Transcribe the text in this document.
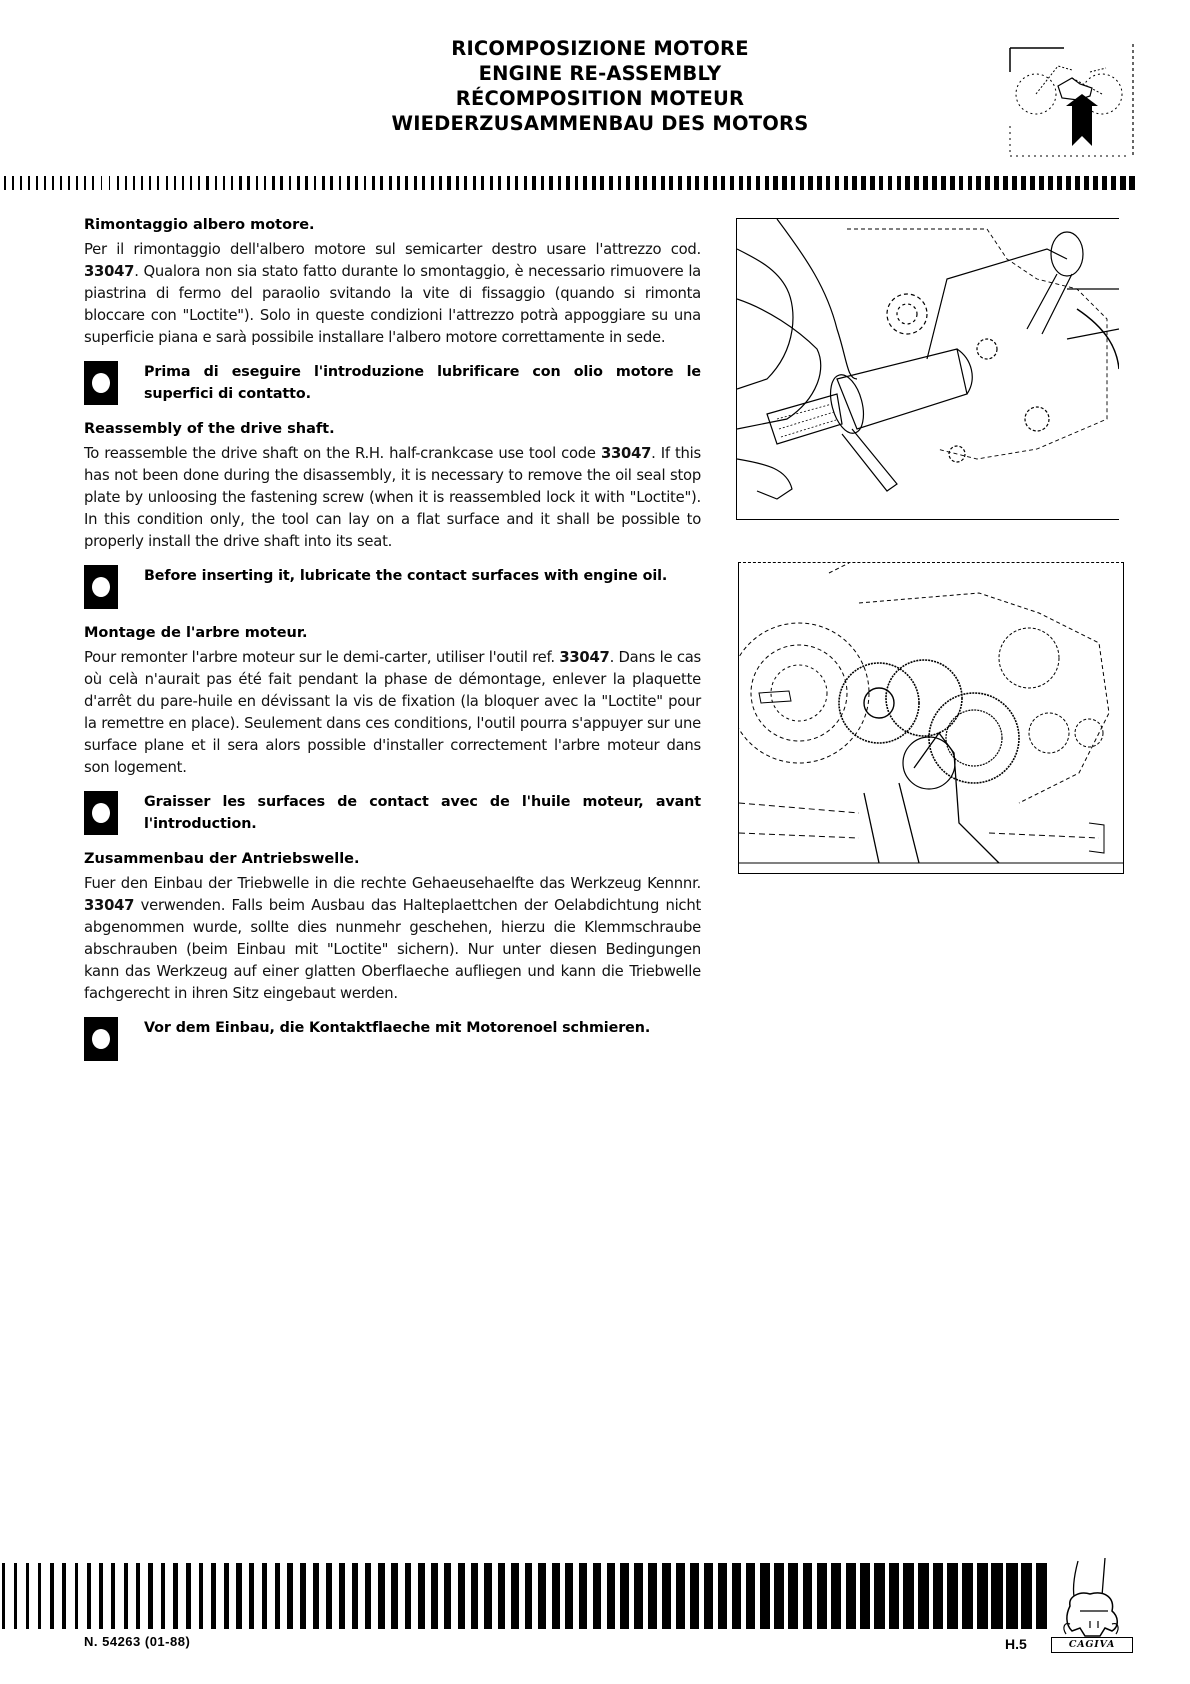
RICOMPOSIZIONE MOTORE
ENGINE RE-ASSEMBLY
RÉCOMPOSITION MOTEUR
WIEDERZUSAMMENBAU DES MOTORS
Rimontaggio albero motore.

Per il rimontaggio dell'albero motore sul semicarter destro usare l'attrezzo cod. 33047. Qualora non sia stato fatto durante lo smontaggio, è necessario rimuovere la piastrina di fermo del paraolio svitando la vite di fissaggio (quando si rimonta bloccare con "Loctite"). Solo in queste condizioni l'attrezzo potrà appoggiare su una superficie piana e sarà possibile installare l'albero motore correttamente in sede.

Prima di eseguire l'introduzione lubrificare con olio motore le superfici di contatto.
Reassembly of the drive shaft.

To reassemble the drive shaft on the R.H. half-crankcase use tool code 33047. If this has not been done during the disassembly, it is necessary to remove the oil seal stop plate by unloosing the fastening screw (when it is reassembled lock it with "Loctite"). In this condition only, the tool can lay on a flat surface and it shall be possible to properly install the drive shaft into its seat.

Before inserting it, lubricate the contact surfaces with engine oil.
Montage de l'arbre moteur.

Pour remonter l'arbre moteur sur le demi-carter, utiliser l'outil ref. 33047. Dans le cas où celà n'aurait pas été fait pendant la phase de démontage, enlever la plaquette d'arrêt du pare-huile en dévissant la vis de fixation (la bloquer avec la "Loctite" pour la remettre en place). Seulement dans ces conditions, l'outil pourra s'appuyer sur une surface plane et il sera alors possible d'installer correctement l'arbre moteur dans son logement.

Graisser les surfaces de contact avec de l'huile moteur, avant l'introduction.
Zusammenbau der Antriebswelle.

Fuer den Einbau der Triebwelle in die rechte Gehaeusehaelfte das Werkzeug Kennnr. 33047 verwenden. Falls beim Ausbau das Halteplaettchen der Oelabdichtung nicht abgenommen wurde, sollte dies nunmehr geschehen, hierzu die Klemmschraube abschrauben (beim Einbau mit "Loctite" sichern). Nur unter diesen Bedingungen kann das Werkzeug auf einer glatten Oberflaeche aufliegen und kann die Triebwelle fachgerecht in ihren Sitz eingebaut werden.

Vor dem Einbau, die Kontaktflaeche mit Motorenoel schmieren.
N. 54263 (01-88)	H.5	CAGIVA
